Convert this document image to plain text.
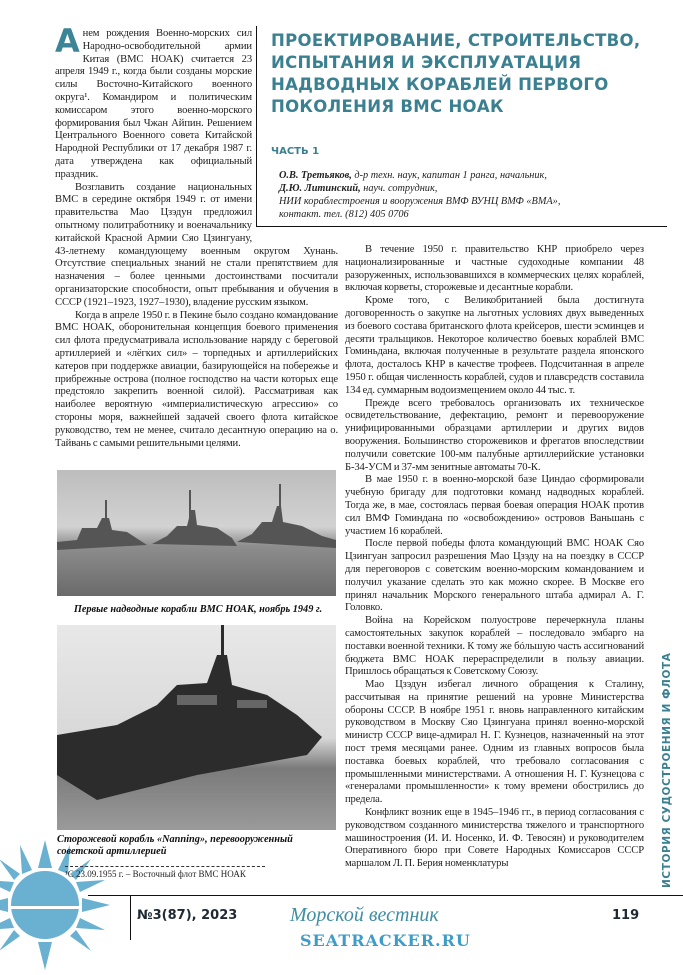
Анем рождения Военно-морских сил Народно-освободительной армии Китая (ВМС НОАК) считается 23 апреля 1949 г., когда были созданы морские силы Восточно-Китайского военного округа¹. Командиром и политическим комиссаром этого военно-морского формирования был Чжан Айпин. Решением Центрального Военного совета Китайской Народной Республики от 17 декабря 1987 г. дата утверждена как официальный праздник.

Возглавить создание национальных ВМС в середине октября 1949 г. от имени правительства Мао Цзэдун предложил опытному политработнику и военачальнику китайской Красной Армии Сяо Цзингуану, 43-летнему командующему военным округом Хунань. Отсутствие специальных знаний не стали препятствием для назначения – более ценными достоинствами посчитали организаторские способности, опыт пребывания и обучения в СССР (1921–1923, 1927–1930), владение русским языком.

Когда в апреле 1950 г. в Пекине было создано командование ВМС НОАК, оборонительная концепция боевого применения сил флота предусматривала использование наряду с береговой артиллерией и «лёгких сил» – торпедных и артиллерийских катеров при поддержке авиации, базирующейся на побережье и прибрежные острова (полное господство на части которых еще предстояло закрепить военной силой). Рассматривая как наиболее вероятную «империалистическую агрессию» со стороны моря, важнейшей задачей своего флота китайское руководство, тем не менее, считало десантную операцию на о. Тайвань с самыми решительными целями.

ПРОЕКТИРОВАНИЕ, СТРОИТЕЛЬСТВО, ИСПЫТАНИЯ И ЭКСПЛУАТАЦИЯ НАДВОДНЫХ КОРАБЛЕЙ ПЕРВОГО ПОКОЛЕНИЯ ВМС НОАК
ЧАСТЬ 1
О.В. Третьяков, д-р техн. наук, капитан 1 ранга, начальник,
Д.Ю. Литинский, науч. сотрудник,
НИИ кораблестроения и вооружения ВМФ ВУНЦ ВМФ «ВМА»,
контакт. тел. (812) 405 0706

В течение 1950 г. правительство КНР приобрело через национализированные и частные судоходные компании 48 разоруженных, использовавшихся в коммерческих целях кораблей, включая корветы, сторожевые и десантные корабли.

Кроме того, с Великобританией была достигнута договоренность о закупке на льготных условиях двух выведенных из боевого состава британского флота крейсеров, шести эсминцев и десяти тральщиков. Некоторое количество боевых кораблей ВМС Гоминьдана, включая полученные в результате раздела японского флота, досталось КНР в качестве трофеев. Подсчитанная в апреле 1950 г. общая численность кораблей, судов и плавсредств составила 134 ед. суммарным водоизмещением около 44 тыс. т.

Прежде всего требовалось организовать их техническое освидетельствование, дефектацию, ремонт и перевооружение унифицированными образцами артиллерии и других видов вооружения. Большинство сторожевиков и фрегатов впоследствии получили советские 100-мм палубные артиллерийские установки Б-34-УСМ и 37-мм зенитные автоматы 70-К.

В мае 1950 г. в военно-морской базе Циндао сформировали учебную бригаду для подготовки команд надводных кораблей. Тогда же, в мае, состоялась первая боевая операция НОАК против сил ВМФ Гоминдана по «освобождению» островов Ваньшань с участием 16 кораблей.

После первой победы флота командующий ВМС НОАК Сяо Цзингуан запросил разрешения Мао Цзэду на на поездку в СССР для переговоров с советским военно-морским командованием и получил указание сделать это как можно скорее. В Москве его принял начальник Морского генерального штаба адмирал А. Г. Головко.

Война на Корейском полуострове перечеркнула планы самостоятельных закупок кораблей – последовало эмбарго на поставки военной техники. К тому же бóльшую часть ассигнований бюджета ВМС НОАК перераспределили в пользу авиации. Пришлось обращаться к Советскому Союзу.

Мао Цзэдун избегал личного обращения к Сталину, рассчитывая на принятие решений на уровне Министерства обороны СССР. В ноябре 1951 г. вновь направленного китайским руководством в Москву Сяо Цзингуана принял военно-морской министр СССР вице-адмирал Н. Г. Кузнецов, назначенный на этот пост тремя месяцами ранее. Одним из главных вопросов была поставка боевых кораблей, что требовало согласования с промышленными министерствами. А отношения Н. Г. Кузнецова с «генералами промышленности» к тому времени обострились до предела.

Конфликт возник еще в 1945–1946 гг., в период согласования с руководством созданного министерства тяжелого и транспортного машиностроения (И. И. Носенко, И. Ф. Тевосян) и руководителем Оперативного бюро при Совете Народных Комиссаров СССР маршалом Л. П. Берия номенклатуры

Первые надводные корабли ВМС НОАК, ноябрь 1949 г.
Сторожевой корабль «Nanning», перевооруженный советской артиллерией
¹С 23.09.1955 г. – Восточный флот ВМС НОАК
№3(87), 2023	Морской вестник	119
ИСТОРИЯ СУДОСТРОЕНИЯ И ФЛОТА
SEATRACKER.RU
